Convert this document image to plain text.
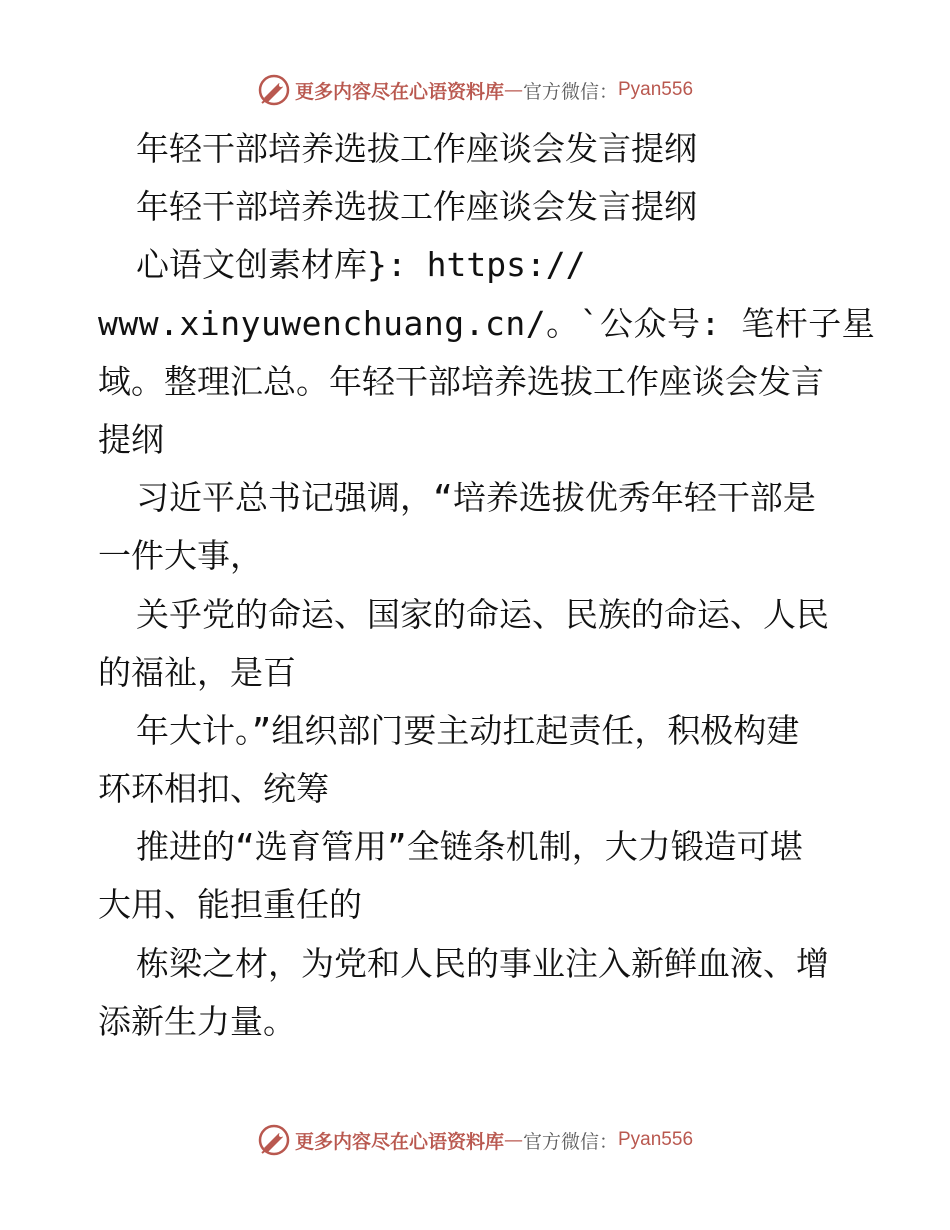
更多内容尽在心语资料库 — 官方微信： Pyan556
年轻干部培养选拔工作座谈会发言提纲
年轻干部培养选拔工作座谈会发言提纲
心语文创素材库}: https://
www.xinyuwenchuang.cn/。`公众号: 笔杆子星
域。整理汇总。年轻干部培养选拔工作座谈会发言
提纲
习近平总书记强调，“培养选拔优秀年轻干部是
一件大事，
关乎党的命运、国家的命运、民族的命运、人民
的福祉，是百
年大计。”组织部门要主动扛起责任，积极构建
环环相扣、统筹
推进的“选育管用”全链条机制，大力锻造可堪
大用、能担重任的
栋梁之材，为党和人民的事业注入新鲜血液、增
添新生力量。
更多内容尽在心语资料库 — 官方微信： Pyan556
